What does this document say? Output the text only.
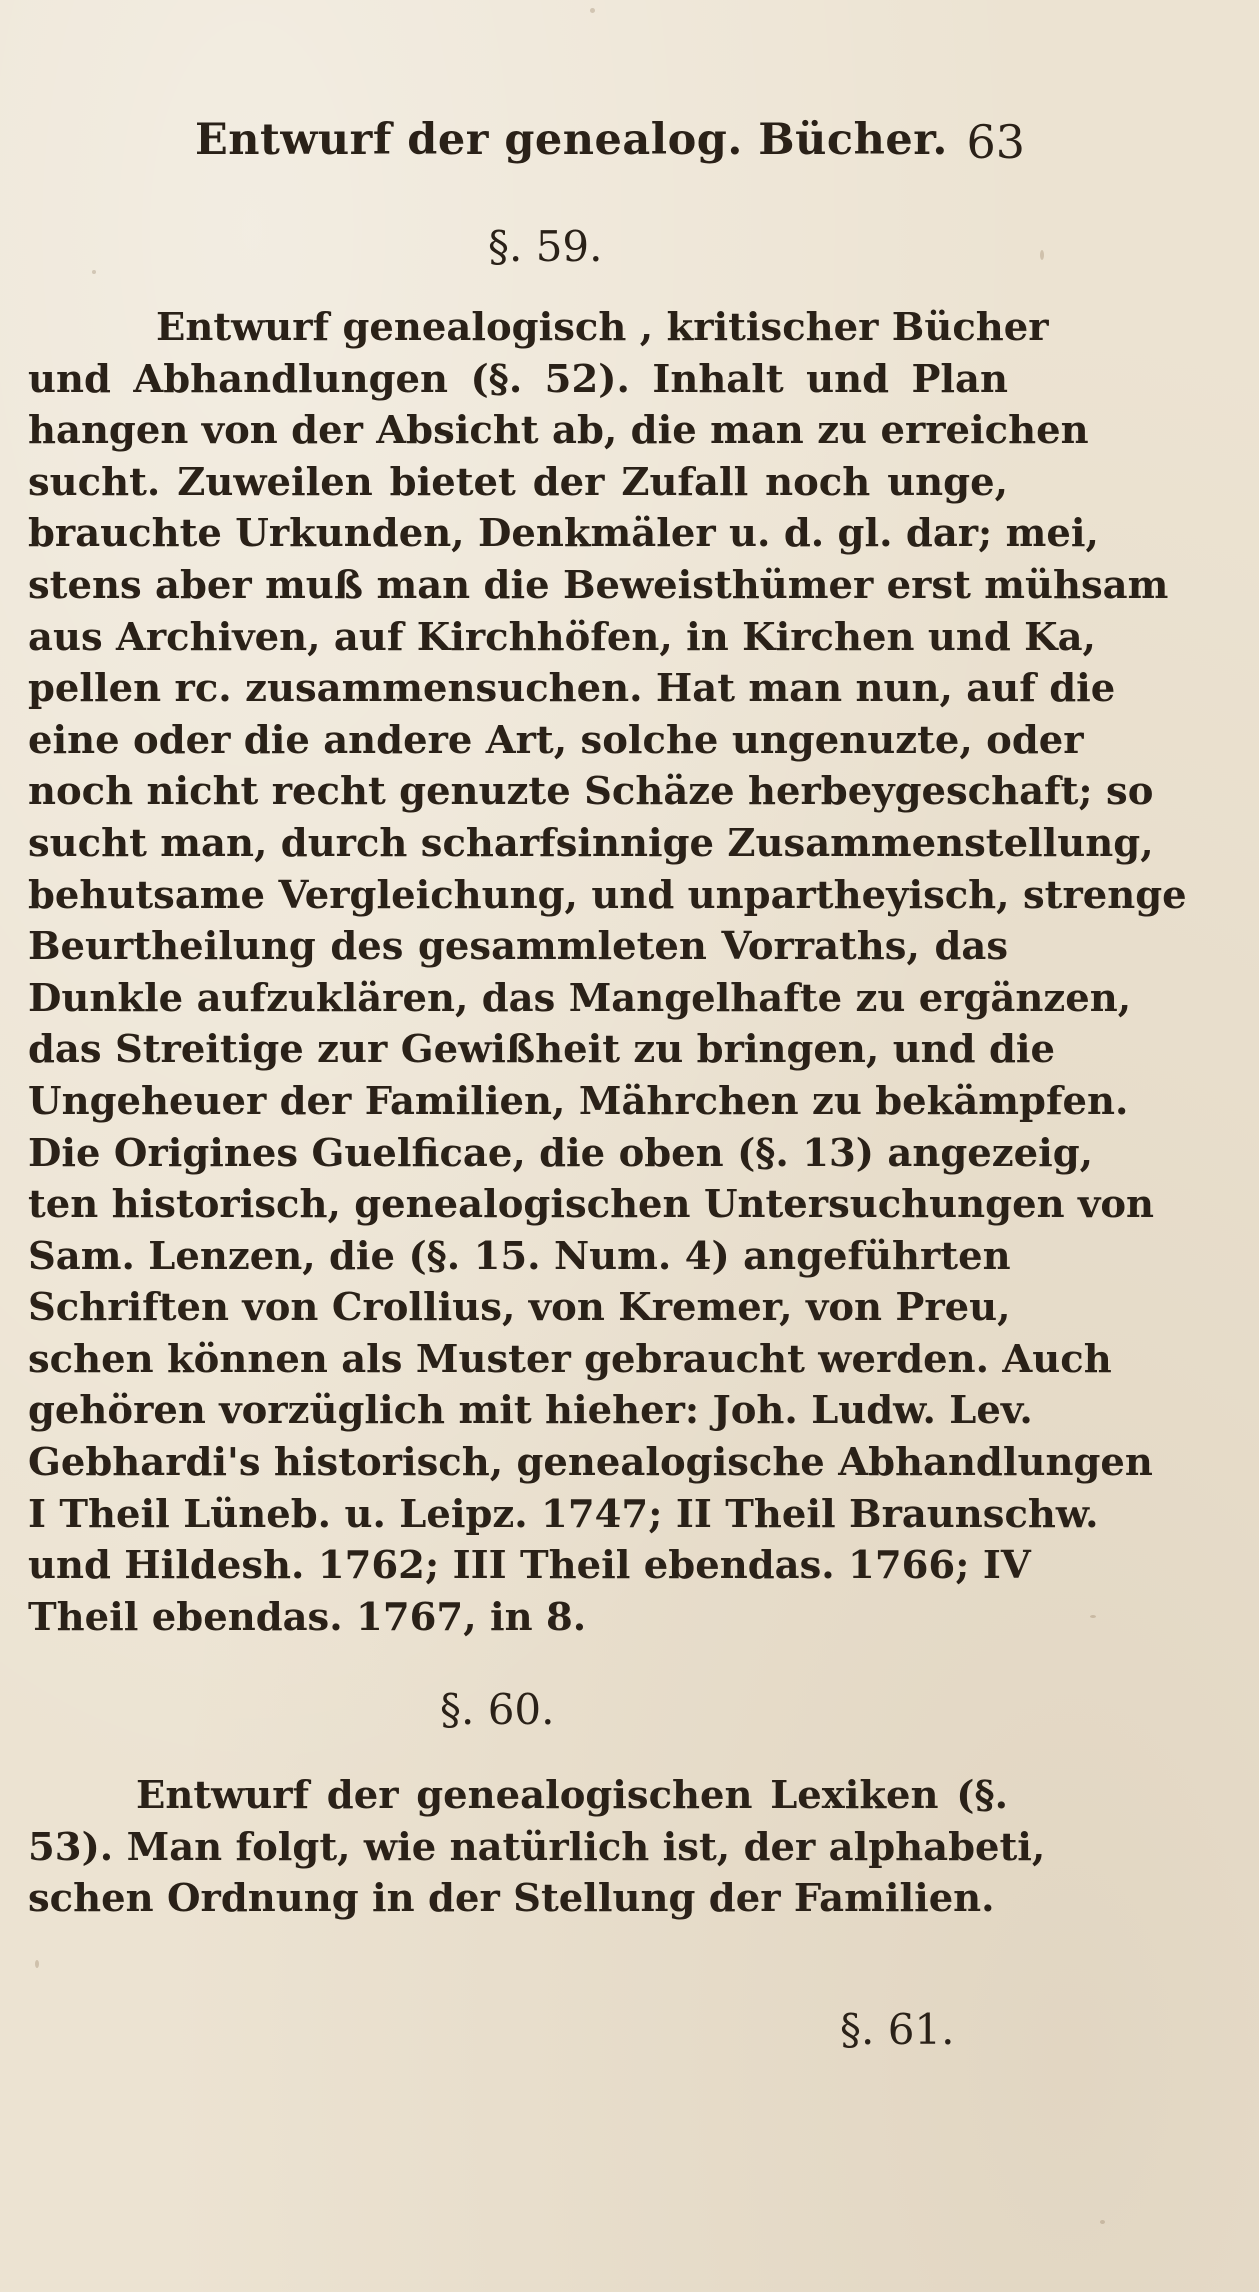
Entwurf der genealog. Bücher. 63
§. 59.
Entwurf genealogisch , kritischer Bücher
und Abhandlungen (§. 52). Inhalt und Plan
hangen von der Absicht ab, die man zu erreichen
sucht. Zuweilen bietet der Zufall noch unge,
brauchte Urkunden, Denkmäler u. d. gl. dar; mei,
stens aber muß man die Beweisthümer erst mühsam
aus Archiven, auf Kirchhöfen, in Kirchen und Ka,
pellen rc. zusammensuchen. Hat man nun, auf die
eine oder die andere Art, solche ungenuzte, oder
noch nicht recht genuzte Schäze herbeygeschaft; so
sucht man, durch scharfsinnige Zusammenstellung,
behutsame Vergleichung, und unpartheyisch, strenge
Beurtheilung des gesammleten Vorraths, das
Dunkle aufzuklären, das Mangelhafte zu ergänzen,
das Streitige zur Gewißheit zu bringen, und die
Ungeheuer der Familien, Mährchen zu bekämpfen.
Die Origines Guelficae, die oben (§. 13) angezeig,
ten historisch, genealogischen Untersuchungen von
Sam. Lenzen, die (§. 15. Num. 4) angeführten
Schriften von Crollius, von Kremer, von Preu,
schen können als Muster gebraucht werden. Auch
gehören vorzüglich mit hieher: Joh. Ludw. Lev.
Gebhardi's historisch, genealogische Abhandlungen
I Theil Lüneb. u. Leipz. 1747; II Theil Braunschw.
und Hildesh. 1762; III Theil ebendas. 1766; IV
Theil ebendas. 1767, in 8.
§. 60.
Entwurf der genealogischen Lexiken (§.
53). Man folgt, wie natürlich ist, der alphabeti,
schen Ordnung in der Stellung der Familien.
§. 61.
